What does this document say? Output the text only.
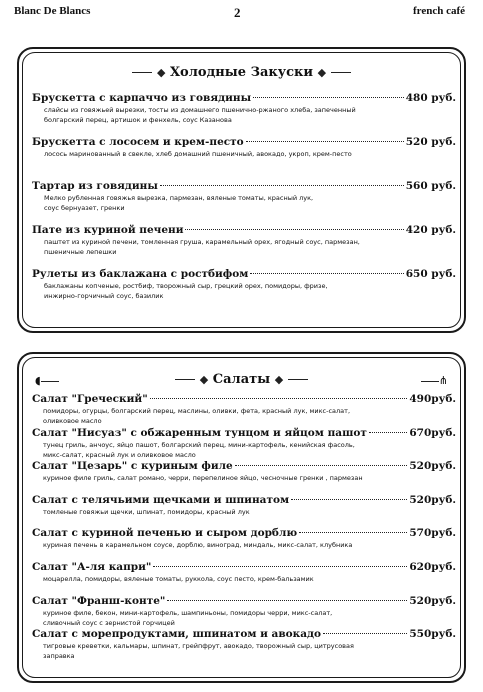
Blanc De Blancs	2	french café
◆ Холодные Закуски ◆
Брускетта с карпаччо из говядины	480 руб.
слайсы из говяжьей вырезки, тосты из домашнего пшенично-ржаного хлеба, запеченный
болгарский перец, артишок и фенхель, соус Казанова
Брускетта с лососем и крем-песто	520 руб.
лосось маринованный в свекле, хлеб домашний пшеничный, авокадо, укроп, крем-песто
Тартар из говядины	560 руб.
Мелко рубленная говяжья вырезка, пармезан, вяленые томаты, красный лук,
соус бернуазет, гренки
Пате из куриной печени	420 руб.
паштет из куриной печени, томленная груша, карамельный орех, ягодный соус, пармезан,
пшеничные лепешки
Рулеты из баклажана с ростбифом	650 руб.
баклажаны копченые, ростбиф, творожный сыр, грецкий орех, помидоры, фризе,
инжирно-горчичный соус, базилик
◖	⋔
◆ Салаты ◆
Салат "Греческий"	490руб.
помидоры, огурцы, болгарский перец, маслины, оливки, фета, красный лук, микс-салат,
оливковое масло
Салат "Нисуаз" с обжаренным тунцом и яйцом пашот	670руб.
тунец гриль, анчоус, яйцо пашот, болгарский перец, мини-картофель, кенийская фасоль,
микс-салат, красный лук и оливковое масло
Салат "Цезарь" с куриным филе	520руб.
куриное филе гриль, салат романо, черри, перепелиное яйцо, чесночные гренки , пармезан
Салат с телячьими щечками и шпинатом	520руб.
томленые говяжьи щечки, шпинат, помидоры, красный лук
Салат с куриной печенью и сыром дорблю	570руб.
куриная печень в карамельном соусе, дорблю, виноград, миндаль, микс-салат, клубника
Салат "А-ля капри"	620руб.
моцарелла, помидоры, вяленые томаты, руккола, соус песто, крем-бальзамик
Салат "Франш-конте"	520руб.
куриное филе, бекон, мини-картофель, шампиньоны, помидоры черри, микс-салат,
сливочный соус с зернистой горчицей
Салат с морепродуктами, шпинатом и авокадо	550руб.
тигровые креветки, кальмары, шпинат, грейпфрут, авокадо, творожный сыр, цитрусовая
заправка
